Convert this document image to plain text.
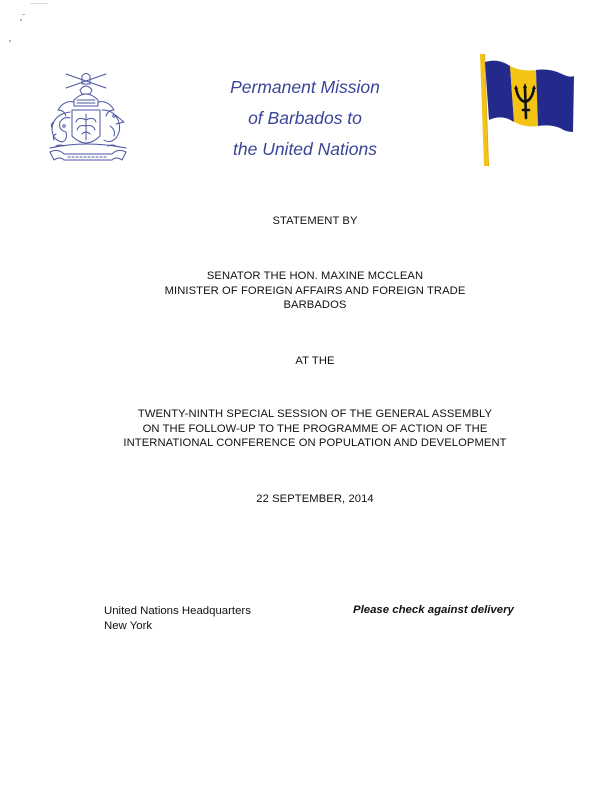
Permanent Mission
of Barbados to
the United Nations
STATEMENT BY
SENATOR THE HON. MAXINE MCCLEAN
MINISTER OF FOREIGN AFFAIRS AND FOREIGN TRADE
BARBADOS
AT THE
TWENTY-NINTH SPECIAL SESSION OF THE GENERAL ASSEMBLY
ON THE FOLLOW-UP TO THE PROGRAMME OF ACTION OF THE
INTERNATIONAL CONFERENCE ON POPULATION AND DEVELOPMENT
22 SEPTEMBER, 2014
United Nations Headquarters
New York
Please check against delivery
